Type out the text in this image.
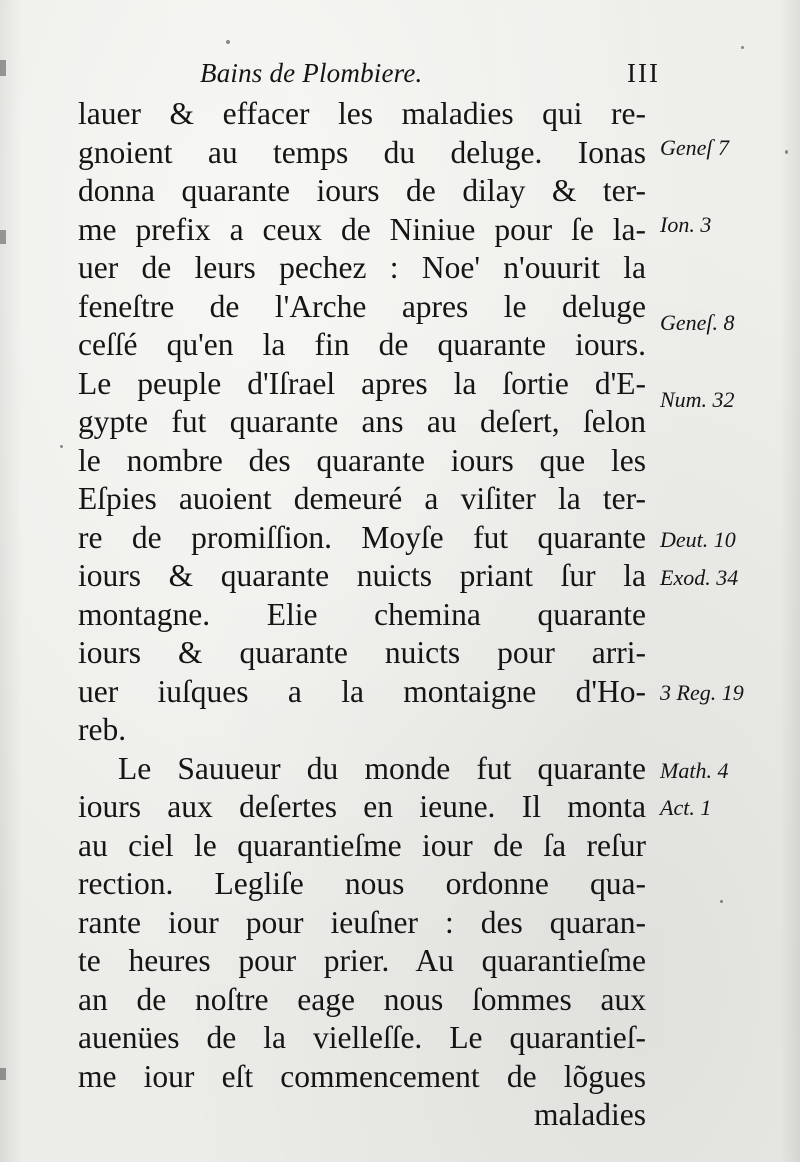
Bains de Plombiere.	III
lauer & effacer les maladies qui re-
gnoient au temps du deluge. Ionas
donna quarante iours de dilay & ter-
me prefix a ceux de Niniue pour ſe la-
uer de leurs pechez : Noe' n'ouurit la
feneſtre de l'Arche apres le deluge
ceſſé qu'en la fin de quarante iours.
Le peuple d'Iſrael apres la ſortie d'E-
gypte fut quarante ans au deſert, ſelon
le nombre des quarante iours que les
Eſpies auoient demeuré a viſiter la ter-
re de promiſſion. Moyſe fut quarante
iours & quarante nuicts priant ſur la
montagne. Elie chemina quarante
iours & quarante nuicts pour arri-
uer iuſques a la montaigne d'Ho-
reb.
Le Sauueur du monde fut quarante
iours aux deſertes en ieune. Il monta
au ciel le quarantieſme iour de ſa reſur
rection. Legliſe nous ordonne qua-
rante iour pour ieuſner : des quaran-
te heures pour prier. Au quarantieſme
an de noſtre eage nous ſommes aux
auenües de la vielleſſe. Le quarantieſ-
me iour eſt commencement de lõgues
maladies
Geneſ 7
Ion. 3
Geneſ. 8
Num. 32
Deut. 10
Exod. 34
3 Reg. 19
Math. 4
Act. 1
